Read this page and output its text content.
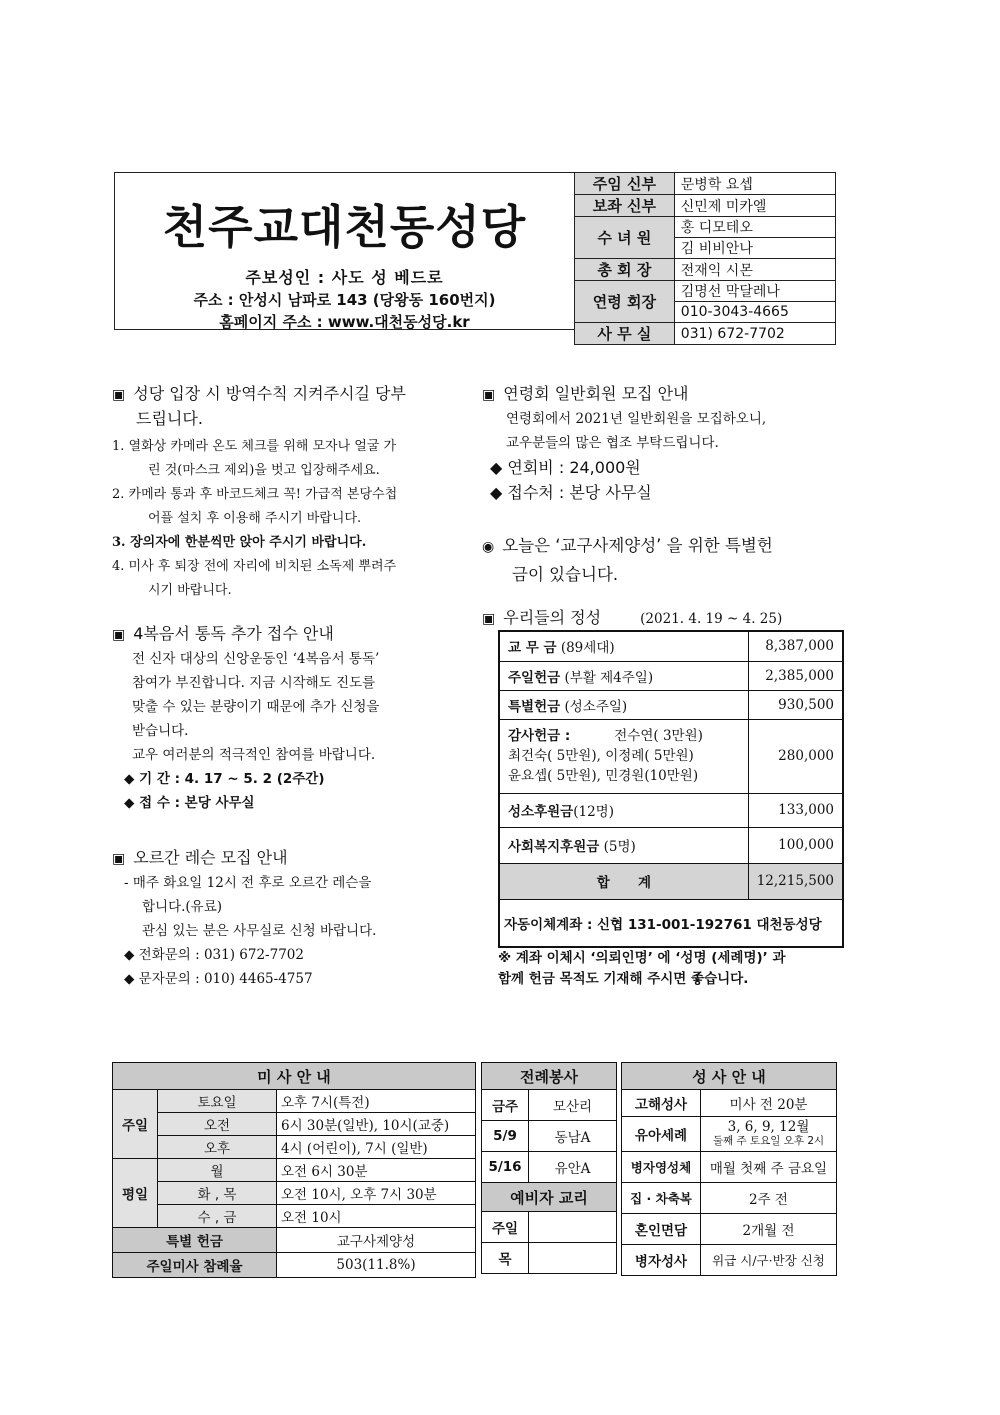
천주교대천동성당
주보성인 : 사도 성 베드로
주소 : 안성시 남파로 143 (당왕동 160번지)
홈페이지 주소 : www.대천동성당.kr
주임 신부	문병학 요셉
보좌 신부	신민제 미카엘
수 녀 원	홍 디모테오
	김 비비안나
총 회 장	전재익 시몬
연령 회장	김명선 막달레나
	010-3043-4665
사 무 실	031) 672-7702
▣ 성당 입장 시 방역수칙 지켜주시길 당부
드립니다.
1. 열화상 카메라 온도 체크를 위해 모자나 얼굴 가
린 것(마스크 제외)을 벗고 입장해주세요.
2. 카메라 통과 후 바코드체크 꼭! 가급적 본당수첩
어플 설치 후 이용해 주시기 바랍니다.
3. 장의자에 한분씩만 앉아 주시기 바랍니다.
4. 미사 후 퇴장 전에 자리에 비치된 소독제 뿌려주
시기 바랍니다.
▣ 4복음서 통독 추가 접수 안내
전 신자 대상의 신앙운동인 ‘4복음서 통독’
참여가 부진합니다. 지금 시작해도 진도를
맞출 수 있는 분량이기 때문에 추가 신청을
받습니다.
교우 여러분의 적극적인 참여를 바랍니다.
◆ 기 간 : 4. 17 ~ 5. 2 (2주간)
◆ 접 수 : 본당 사무실
▣ 오르간 레슨 모집 안내
- 매주 화요일 12시 전 후로 오르간 레슨을
합니다.(유료)
관심 있는 분은 사무실로 신청 바랍니다.
◆ 전화문의 : 031) 672-7702
◆ 문자문의 : 010) 4465-4757
▣ 연령회 일반회원 모집 안내
연령회에서 2021년 일반회원을 모집하오니,
교우분들의 많은 협조 부탁드립니다.
◆ 연회비 : 24,000원
◆ 접수처 : 본당 사무실
◉ 오늘은 ‘교구사제양성’ 을 위한 특별헌
금이 있습니다.
▣ 우리들의 정성	(2021. 4. 19 ~ 4. 25)
교 무 금 (89세대)	8,387,000
주일헌금 (부활 제4주일)	2,385,000
특별헌금 (성소주일)	930,500

감사헌금 : 전수연( 3만원)
최건숙( 5만원), 이정례( 5만원)
윤요셉( 5만원), 민경원(10만원)	280,000
성소후원금(12명)	133,000
사회복지후원금 (5명)	100,000
합      계	12,215,500
자동이체계좌 : 신협 131-001-192761 대천동성당	
※ 계좌 이체시 ‘의뢰인명’ 에 ‘성명 (세례명)’ 과
함께 헌금 목적도 기재해 주시면 좋습니다.
미 사 안 내		
주일	토요일	오후 7시(특전)
	오전	6시 30분(일반), 10시(교중)
	오후	4시 (어린이), 7시 (일반)
평일	월	오전 6시 30분
	화 , 목	오전 10시, 오후 7시 30분
	수 , 금	오전 10시
특별 헌금		교구사제양성
주일미사 참례율		503(11.8%)
전례봉사	
금주	모산리
5/9	동남A
5/16	유안A
예비자 교리	
주일	
목	
성 사 안 내	
고해성사	미사 전 20분
유아세례	3, 6, 9, 12월
둘째 주 토요일 오후 2시

병자영성체	매월 첫째 주 금요일
집 · 차축복	2주 전
혼인면담	2개월 전
병자성사	위급 시/구·반장 신청
